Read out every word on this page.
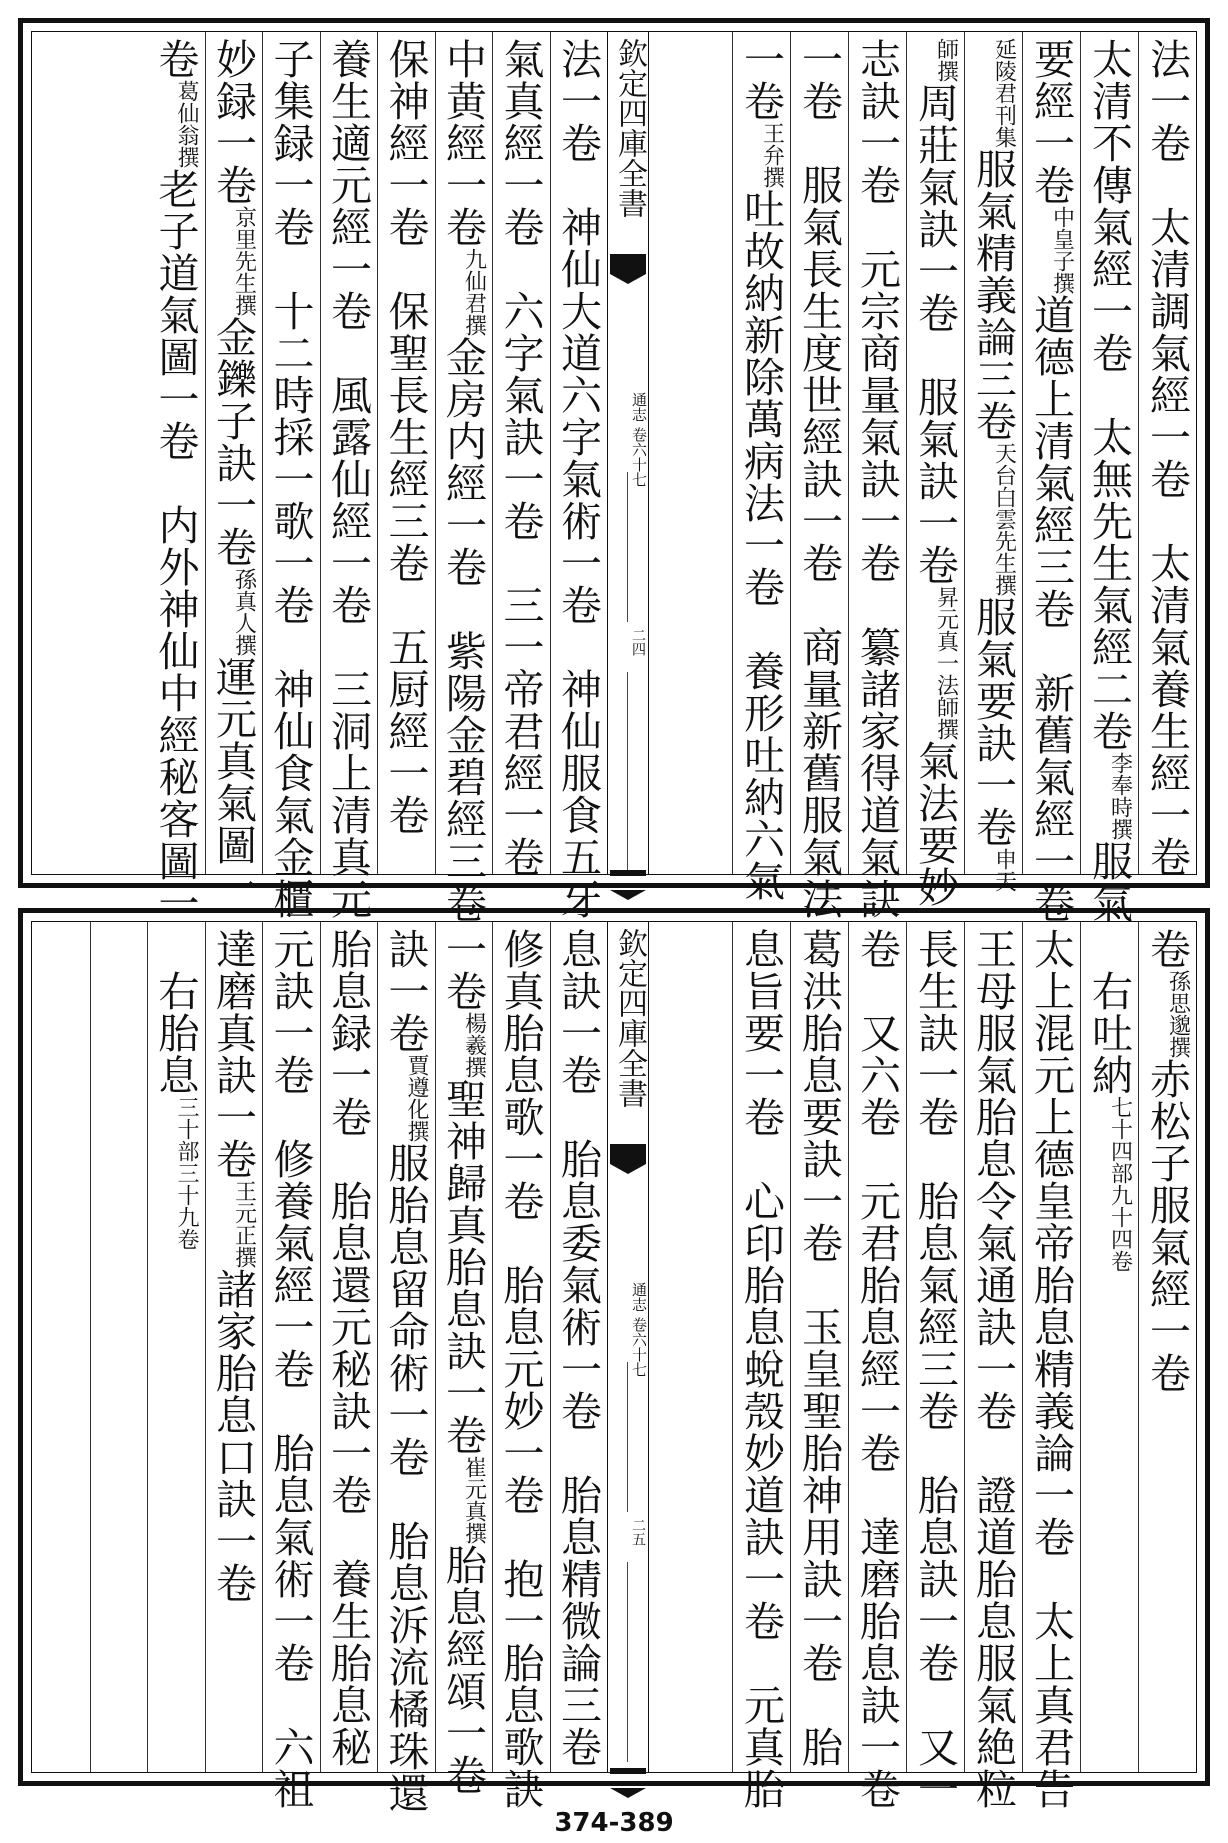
法一卷　太清調氣經一卷　太清氣養生經一卷
太清不傳氣經一卷　太無先生氣經二卷李奉時撰服氣
要經一卷中皇子撰道德上清氣經三卷　新舊氣經一卷
延陵君刊集服氣精義論三卷天台白雲先生撰服氣要訣一卷申天
師撰周莊氣訣一卷　服氣訣一卷昇元真一法師撰氣法要妙
志訣一卷　元宗商量氣訣一卷　纂諸家得道氣訣
一卷　服氣長生度世經訣一卷　商量新舊服氣法
一卷王弁撰吐故納新除萬病法一卷　養形吐納六氣
欽定四庫全書
通志 卷六十七
二四
法一卷　神仙大道六字氣術一卷　神仙服食五牙
氣真經一卷　六字氣訣一卷　三一帝君經一卷
中黄經一卷九仙君撰金房内經一卷　紫陽金碧經三卷
保神經一卷　保聖長生經三卷　五厨經一卷
養生適元經一卷　風露仙經一卷　三洞上清真元
子集録一卷　十二時採一歌一卷　神仙食氣金櫃
妙録一卷京里先生撰金鑠子訣一卷孫真人撰運元真氣圖一
卷葛仙翁撰老子道氣圖一卷　内外神仙中經秘客圖一
卷孫思邈撰赤松子服氣經一卷
　右吐納七十四部九十四卷
太上混元上德皇帝胎息精義論一卷　太上真君告
王母服氣胎息令氣通訣一卷　證道胎息服氣絶粒
長生訣一卷　胎息氣經三卷　胎息訣一卷　又一
卷　又六卷　元君胎息經一卷　達磨胎息訣一卷
葛洪胎息要訣一卷　玉皇聖胎神用訣一卷　胎
息旨要一卷　心印胎息蛻殼妙道訣一卷　元真胎
欽定四庫全書
通志 卷六十七
二五
息訣一卷　胎息委氣術一卷　胎息精微論三卷
修真胎息歌一卷　胎息元妙一卷　抱一胎息歌訣
一卷楊羲撰聖神歸真胎息訣一卷崔元真撰胎息經頌一卷
訣一卷賈遵化撰服胎息留命術一卷　胎息泝流橘珠還
胎息録一卷　胎息還元秘訣一卷　養生胎息秘
元訣一卷　修養氣經一卷　胎息氣術一卷　六祖
達磨真訣一卷王元正撰諸家胎息口訣一卷
　右胎息三十部三十九卷
374-389
